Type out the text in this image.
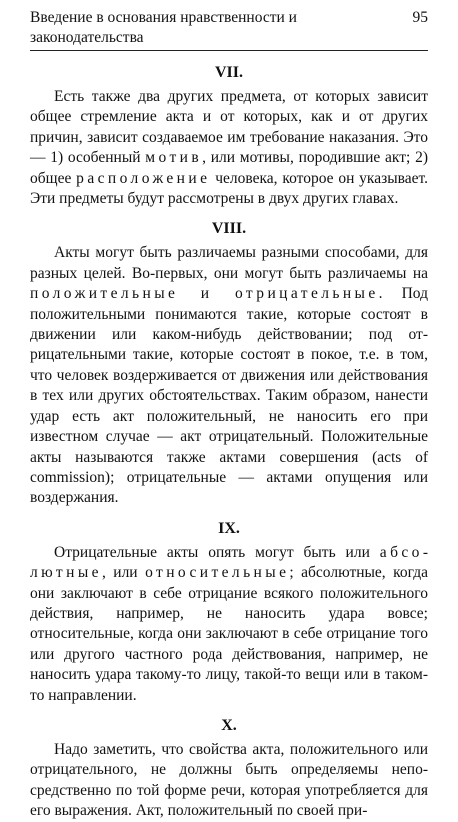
Введение в основания нравственности и законодательства
95
VII.

Есть также два других предмета, от которых зависит общее стремление акта и от которых, как и от других причин, зависит создаваемое им требование наказания. Это — 1) особенный мотив, или мотивы, породившие акт; 2) общее расположение человека, которое он указывает. Эти предметы будут рассмотрены в двух других главах.

VIII.

Акты могут быть различаемы разными способами, для разных целей. Во-первых, они могут быть различаемы на положительные и отрицательные. Под положительными понимаются такие, которые состоят в движении или каком-нибудь действовании; под отрицательными такие, которые состоят в покое, т.е. в том, что человек воздерживается от движения или действования в тех или других обстоятельствах. Таким образом, нанести удар есть акт положительный, не наносить его при известном случае — акт отрицательный. Положительные акты называются также актами совершения (acts of commission); отрицательные — актами опущения или воздержания.

IX.

Отрицательные акты опять могут быть или абсолютные, или относительные; абсолютные, когда они заключают в себе отрицание всякого положительного действия, например, не наносить удара вовсе; относительные, когда они заключают в себе отрицание того или другого частного рода действования, например, не наносить удара такому-то лицу, такой-то вещи или в таком-то направлении.

X.

Надо заметить, что свойства акта, положительного или отрицательного, не должны быть определяемы непосредственно по той форме речи, которая употребляется для его выражения. Акт, положительный по своей при-
